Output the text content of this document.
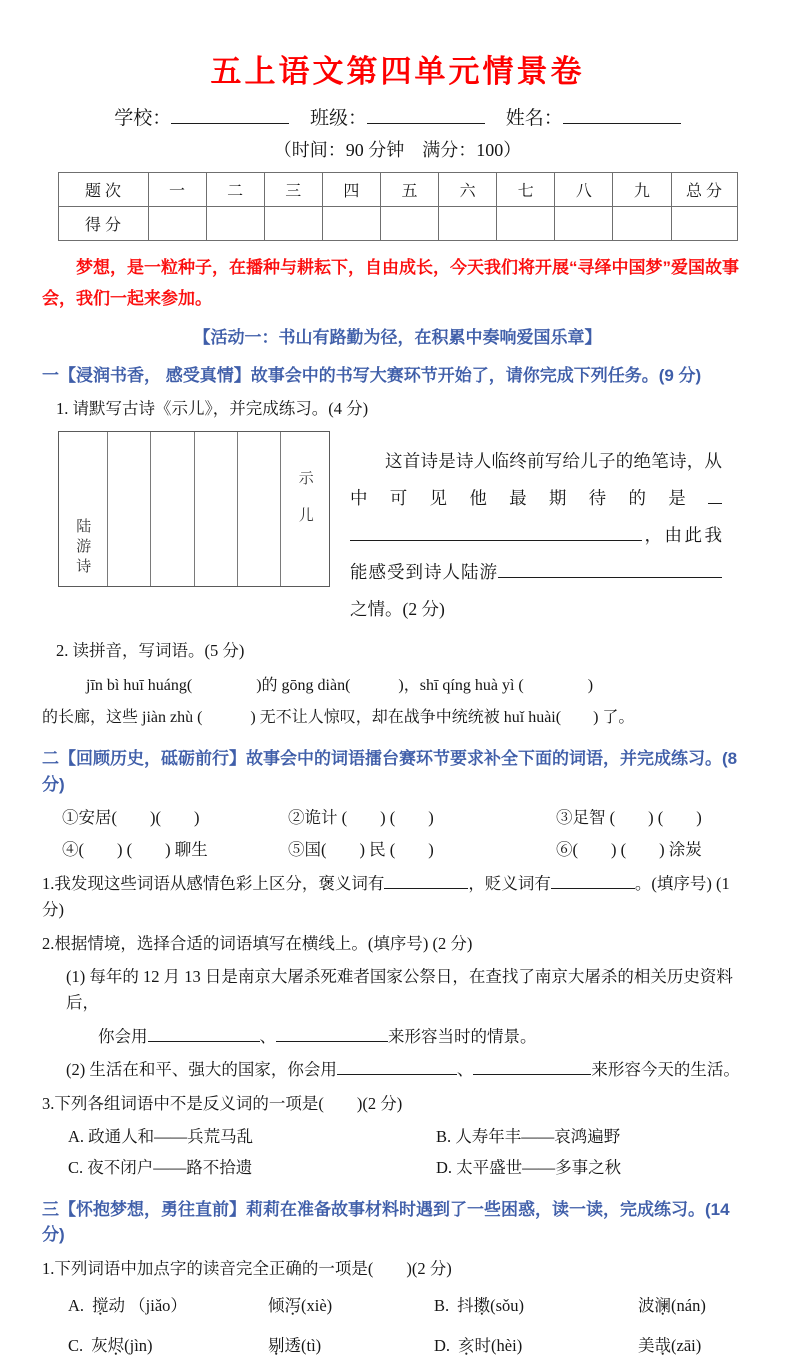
五上语文第四单元情景卷
学校：	班级：	姓名：
（时间：90 分钟　满分：100）
题 次	一	二	三	四	五	六	七	八	九	总 分
得 分										
梦想，是一粒种子，在播种与耕耘下，自由成长，今天我们将开展“寻绎中国梦”爱国故事会，我们一起来参加。
【活动一：书山有路勤为径，在积累中奏响爱国乐章】
一【浸润书香， 感受真情】故事会中的书写大赛环节开始了，请你完成下列任务。(9 分)
1. 请默写古诗《示儿》，并完成练习。(4 分)
陆游诗
示儿

这首诗是诗人临终前写给儿子的绝笔诗，从中可见他最期待的是，由此我能感受到诗人陆游之情。(2 分)

2. 读拼音，写词语。(5 分)
jīn bì huī huáng(　　　　)的 gōng diàn(　　　)，shī qíng huà yì (　　　　)
的长廊，这些 jiàn zhù (　　　) 无不让人惊叹，却在战争中统统被 huǐ huài(　　) 了。
二【回顾历史，砥砺前行】故事会中的词语擂台赛环节要求补全下面的词语，并完成练习。(8 分)
①安居(　　)(　　)	②诡计 (　　) (　　)	③足智 (　　) (　　)
④(　　) (　　) 聊生	⑤国(　　) 民 (　　)	⑥(　　) (　　) 涂炭
1.我发现这些词语从感情色彩上区分，褒义词有	，贬义词有	。(填序号) (1 分)
2.根据情境，选择合适的词语填写在横线上。(填序号) (2 分)
(1) 每年的 12 月 13 日是南京大屠杀死难者国家公祭日，在查找了南京大屠杀的相关历史资料后，
你会用	、	来形容当时的情景。
(2) 生活在和平、强大的国家，你会用	、	来形容今天的生活。
3.下列各组词语中不是反义词的一项是(　　)(2 分)
A. 政通人和——兵荒马乱	B. 人寿年丰——哀鸿遍野
C. 夜不闭户——路不拾遗	D. 太平盛世——多事之秋
三【怀抱梦想，勇往直前】莉莉在准备故事材料时遇到了一些困惑，读一读，完成练习。(14 分)
1.下列词语中加点字的读音完全正确的一项是(　　)(2 分)
A. 搅动 （jiǎo）	倾泻(xiè)	B. 抖擞(sǒu)	波澜(nán)
C. 灰烬(jìn)	剔透(tì)	D. 亥时(hèi)	美哉(zāi)
